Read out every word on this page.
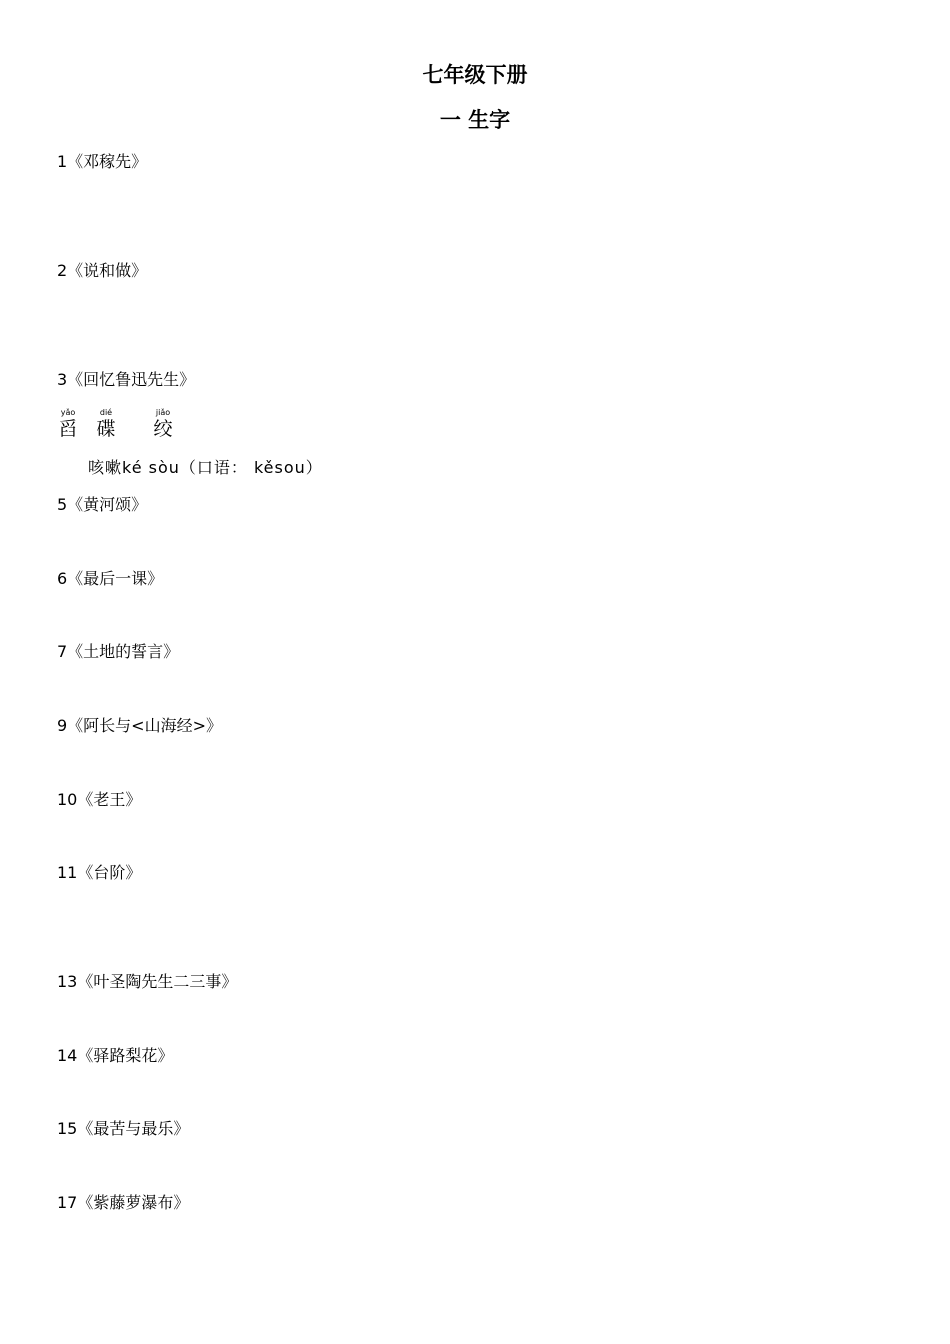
七年级下册
一 生字

1《邓稼先》

2《说和做》

3《回忆鲁迅先生》

yǎo
舀
dié
碟
jiǎo
绞
咳嗽ké sòu（口语： kěsou）

5《黄河颂》

6《最后一课》

7《土地的誓言》

9《阿长与<山海经>》

10《老王》

11《台阶》

13《叶圣陶先生二三事》

14《驿路梨花》

15《最苦与最乐》

17《紫藤萝瀑布》
